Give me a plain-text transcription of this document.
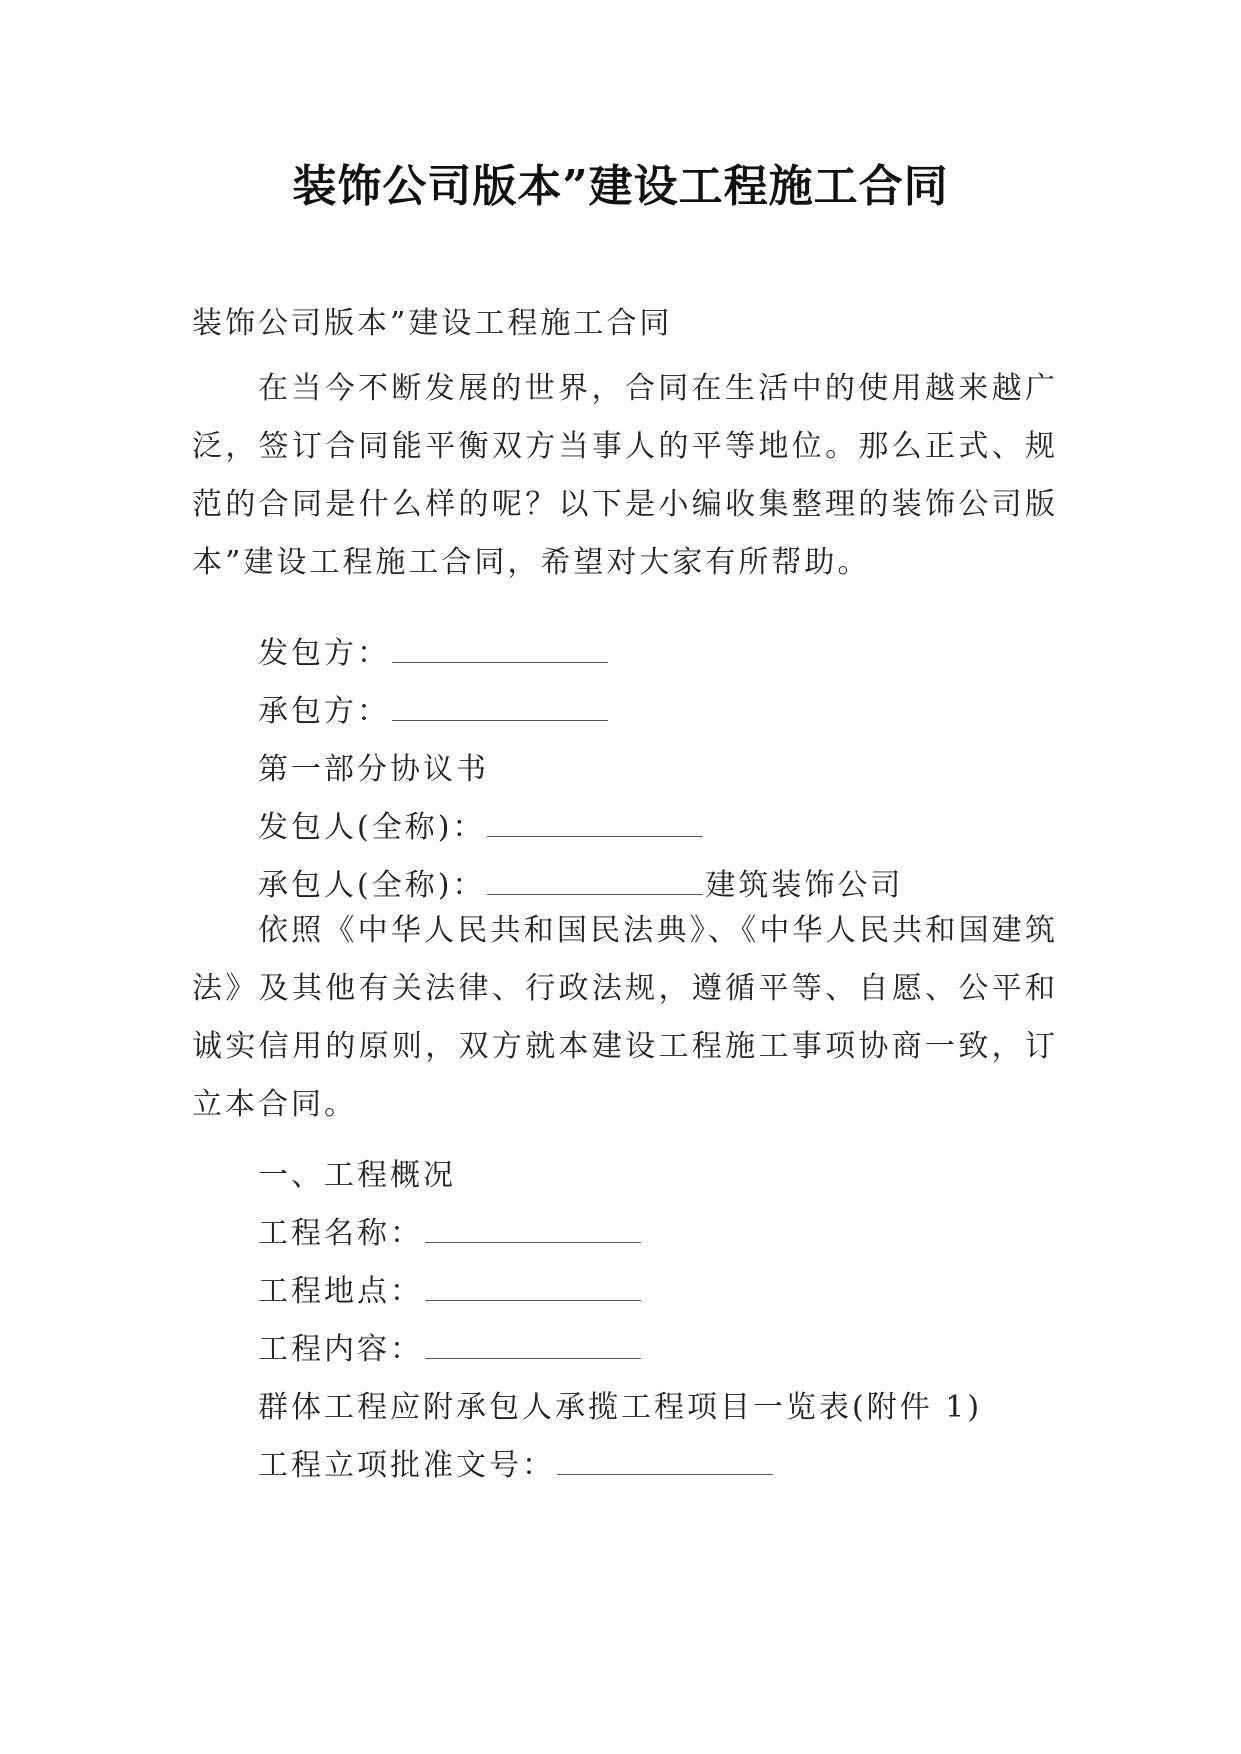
装饰公司版本”建设工程施工合同
装饰公司版本”建设工程施工合同
在当今不断发展的世界，合同在生活中的使用越来越广泛，签订合同能平衡双方当事人的平等地位。那么正式、规范的合同是什么样的呢？以下是小编收集整理的装饰公司版本”建设工程施工合同，希望对大家有所帮助。
发包方：
承包方：
第一部分协议书
发包人(全称)：
承包人(全称)：	建筑装饰公司
依照《中华人民共和国民法典》、《中华人民共和国建筑法》及其他有关法律、行政法规，遵循平等、自愿、公平和诚实信用的原则，双方就本建设工程施工事项协商一致，订立本合同。
一、工程概况
工程名称：
工程地点：
工程内容：
群体工程应附承包人承揽工程项目一览表(附件 1)
工程立项批准文号：
